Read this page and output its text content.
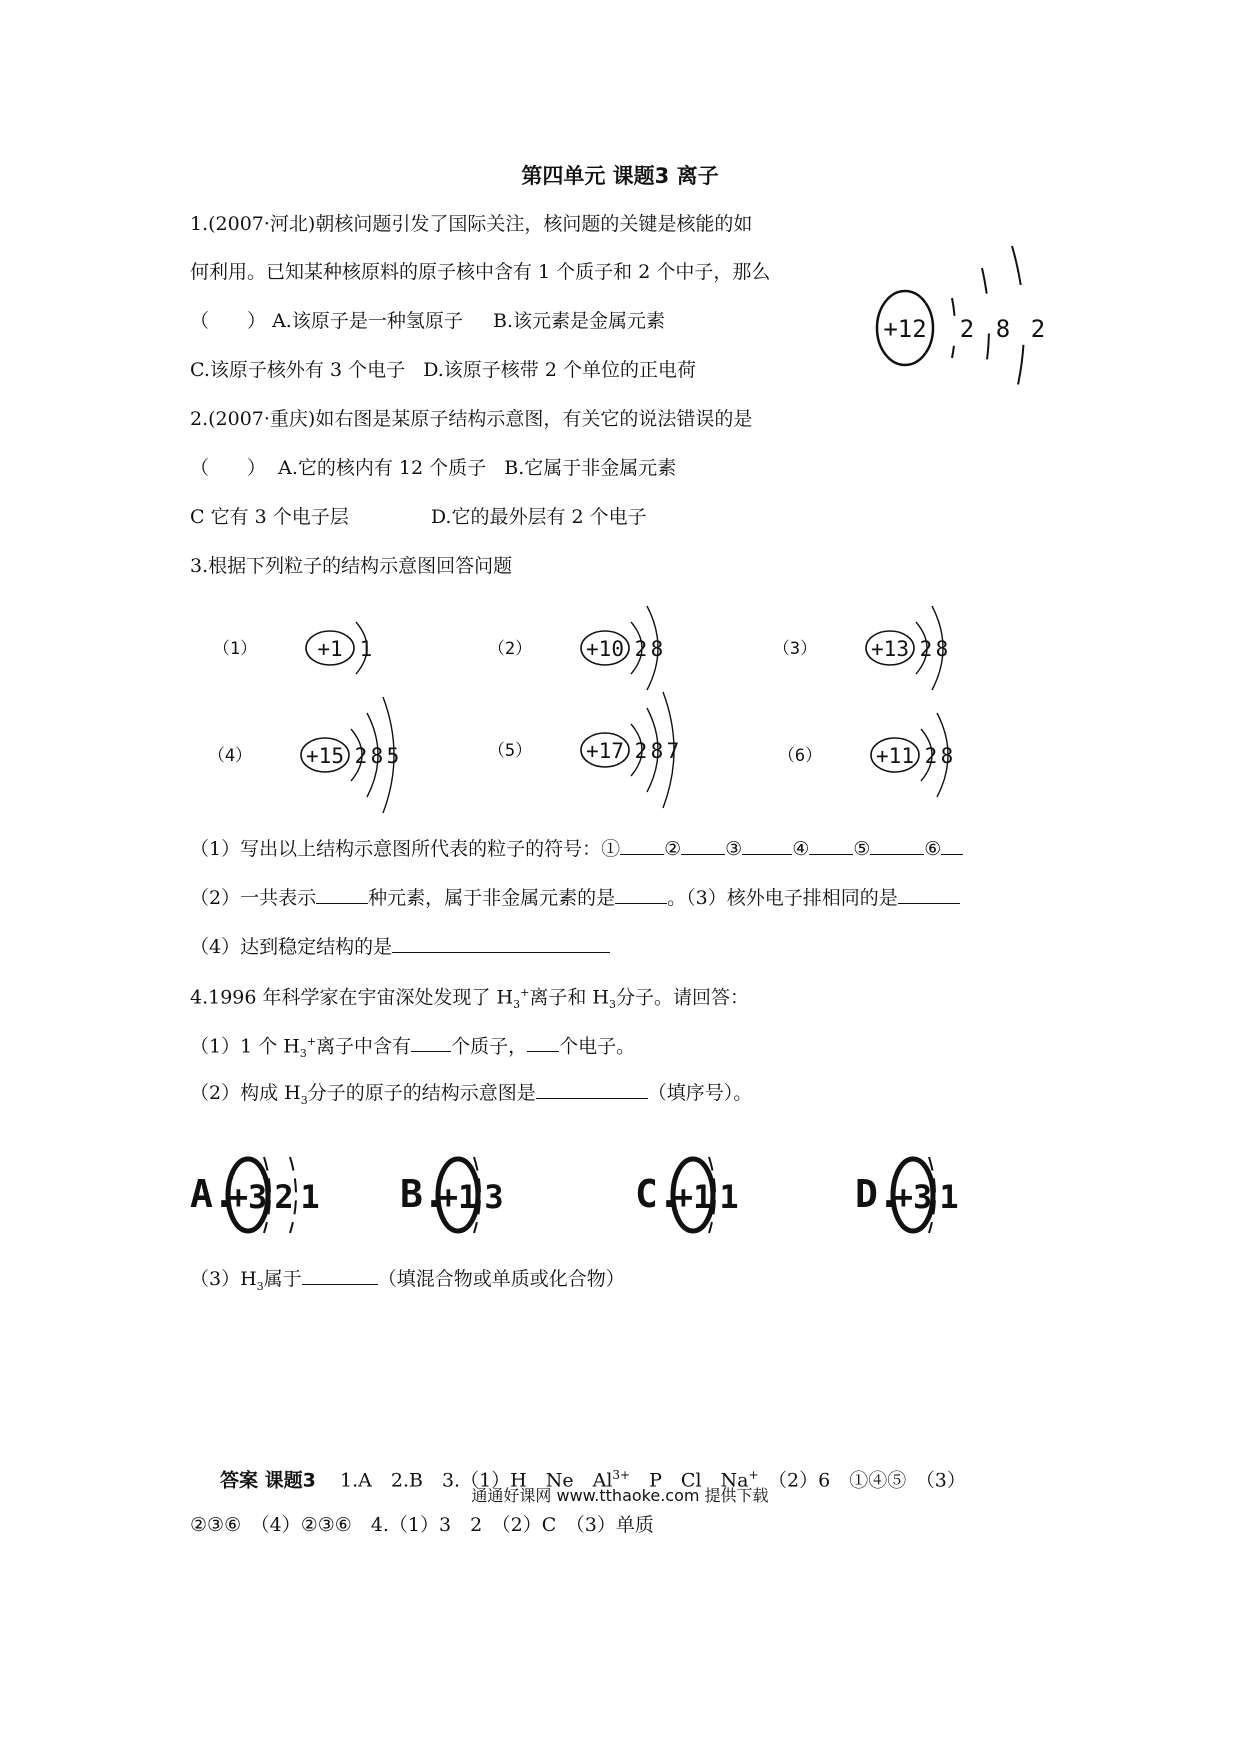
第四单元 课题3 离子
1.(2007·河北)朝核问题引发了国际关注，核问题的关键是核能的如
何利用。已知某种核原料的原子核中含有 1 个质子和 2 个中子，那么
（　　） A.该原子是一种氢原子 B.该元素是金属元素
C.该原子核外有 3 个电子 D.该原子核带 2 个单位的正电荷
2.(2007·重庆)如右图是某原子结构示意图，有关它的说法错误的是
（　　） A.它的核内有 12 个质子 B.它属于非金属元素
C 它有 3 个电子层	D.它的最外层有 2 个电子
+12 2 8 2
3.根据下列粒子的结构示意图回答问题
（1）	+1 1	（2）	+10 2 8	（3）	+13 2 8
（4）	+15 2 8 5	（5）	+17 2 8 7	（6）	+11 2 8
（1）写出以上结构示意图所代表的粒子的符号：① ② ③	④ ⑤	⑥
（2）一共表示	种元素，属于非金属元素的是	。（3）核外电子排相同的是
（4）达到稳定结构的是
4.1996 年科学家在宇宙深处发现了 $H_3^+$离子和 $H_3$分子。请回答：
（1）1 个 $H_3^+$离子中含有 个质子， 个电子。
（2）构成 $H_3$分子的原子的结构示意图是	（填序号）。
A.
+3 2 1 B.
+1 3	C.
+1 1	D.
+3 1
$(3)H_3$属于	（填混合物或单质或化合物）
答案 课题3 1.A　2.B　3.（1）H　Ne　$Al^{3+}$　P　Cl　Na+　（2）6　①④⑤　（3）
②③⑥　（4）②③⑥　4.（1）3　2　（2）C　（3）单质
通通好课网 www.tthaoke.com 提供下载
